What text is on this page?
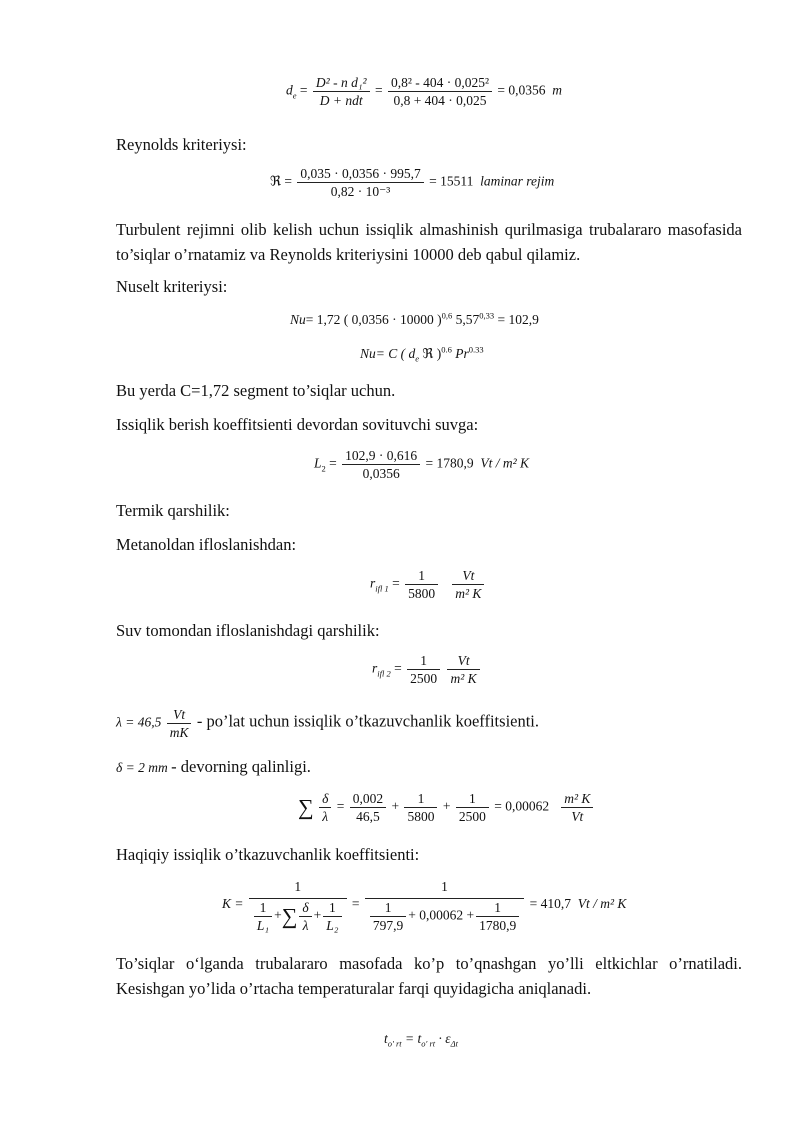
$d_e = \frac{\text{D² - n d₁²}}{\text{D + ndt}} = \frac{\text{0,8² - 404 · 0,025²}}{0,8 + 404 \cdot 0,025} = 0,0356$ m

Reynolds kriteriysi:

ℜ = $\frac{0,035 \cdot 0,0356 \cdot 995,7}{\text{0,82 · 10⁻³}} = 15511$ laminar rejim

Turbulent rejimni olib kelish uchun issiqlik almashinish qurilmasiga trubalararo masofasida to’siqlar o’rnatamiz va Reynolds kriteriysini 10000 deb qabul qilamiz.

Nuselt kriteriysi:

Nu= 1,72 ( 0,0356 · 10000 )$^{0,6}$ $5,57^{0,33} = 102,9$
Nu= C ( $d_e$ ℜ )$^{0.6}$ $Pr^{0.33}$

Bu yerda C=1,72 segment to’siqlar uchun.

Issiqlik berish koeffitsienti devordan sovituvchi suvga:

$L_2 = \frac{102,9 \cdot 0,616}{0,0356} = 1780,9$ Vt / m² K

Termik qarshilik:

Metanoldan ifloslanishdan:

$r_{ifl 1} = \frac{1}{5800}$
$\frac{Vt}{\text{m² K}}$

Suv tomondan ifloslanishdagi qarshilik:

$r_{ifl 2} = \frac{1}{2500}$
$\frac{Vt}{\text{m² K}}$
$\lambda = 46,5 \frac{Vt}{mK}$ - po’lat uchun issiqlik o’tkazuvchanlik koeffitsienti.
δ = 2 mm - devorning qalinligi.
∑ $\frac{\delta}{\lambda} = \frac{0,002}{46,5} + \frac{1}{5800} + \frac{1}{2500} = 0,00062 \frac{\text{m² K}}{Vt}$

Haqiqiy issiqlik o’tkazuvchanlik koeffitsienti:

K =
1
$\frac{1}{\text{L₁}}$ +∑ $\frac{\delta}{\lambda} + \frac{1}{\text{L₂}} = \frac{1}{\frac{1}{797,9} + 0,00062 + \frac{1}{1780,9}} = 410,7$ Vt / m² K

To’siqlar o‘lganda trubalararo masofada ko’p to’qnashgan yo’lli eltkichlar o’rnatiladi. Kesishgan yo’lida o’rtacha temperaturalar farqi quyidagicha aniqlanadi.

$t_{o' rt} = t_{o' rt} \cdot \varepsilon_{\Delta t}$
